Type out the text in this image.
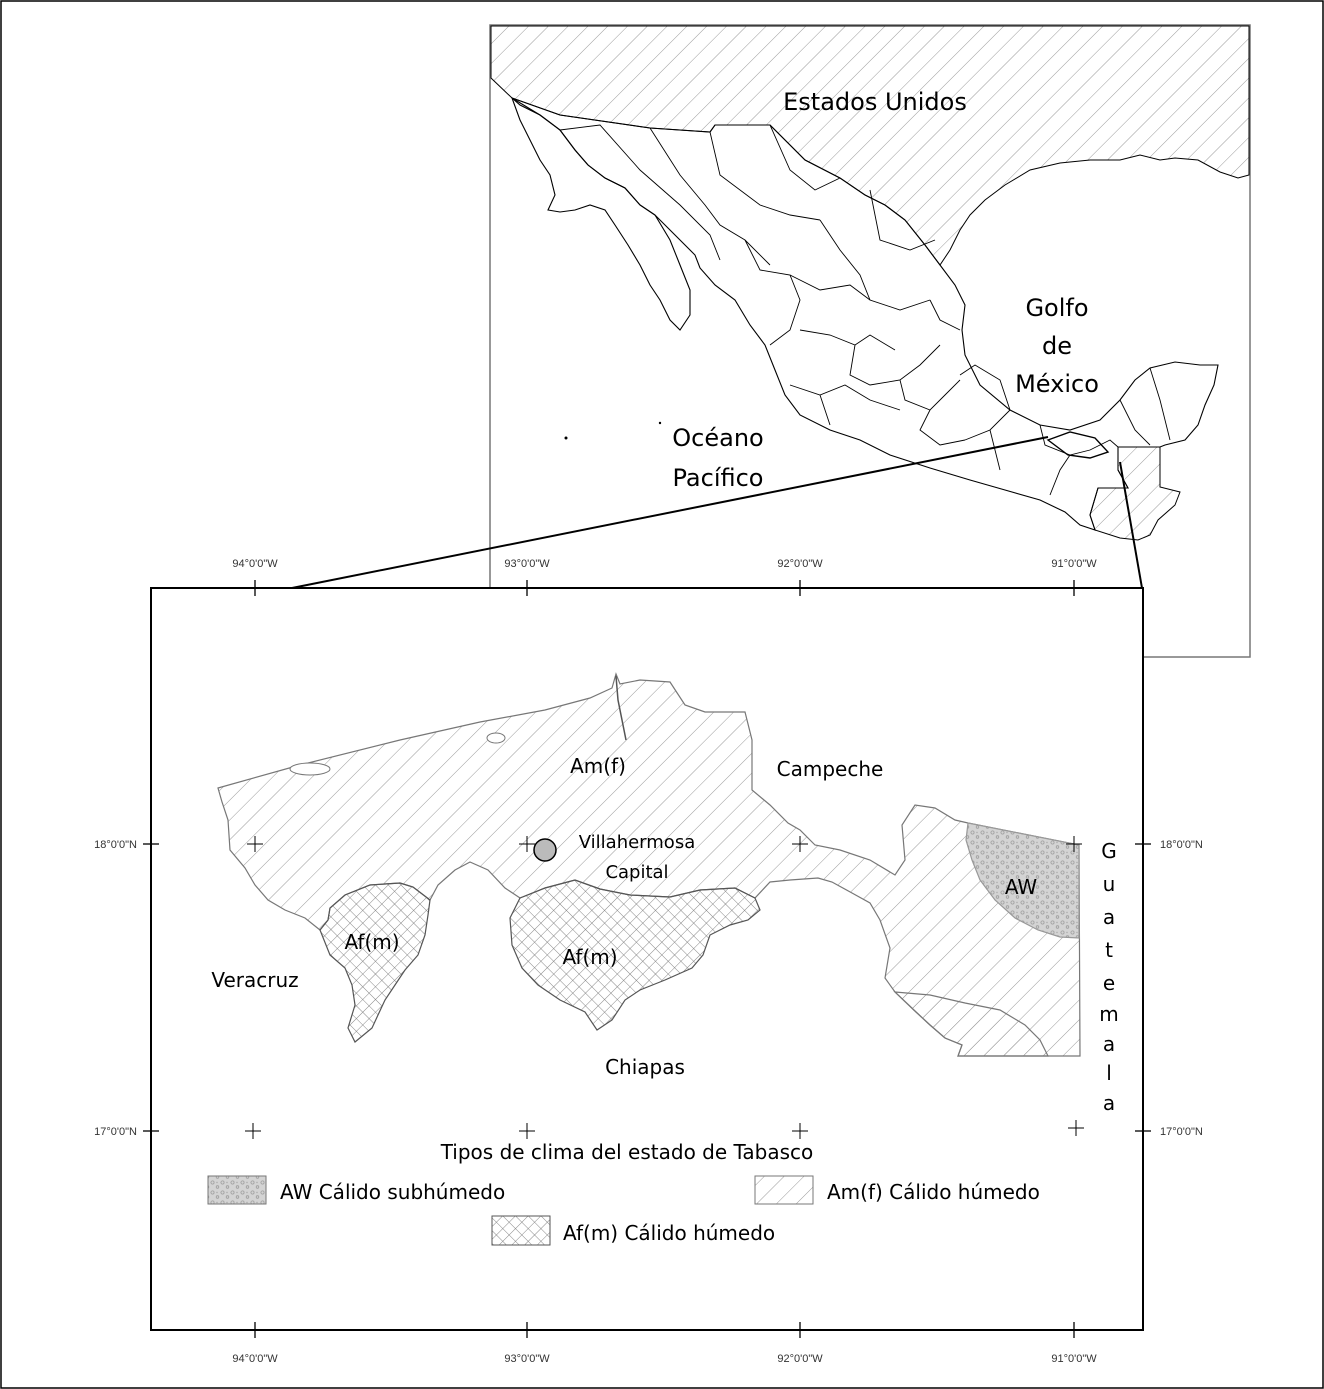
Estados Unidos
Golfo
de
México
Océano
Pacífico
94°0'0"W	93°0'0"W	92°0'0"W	91°0'0"W
94°0'0"W	93°0'0"W	92°0'0"W	91°0'0"W
18°0'0"N
17°0'0"N
18°0'0"N
17°0'0"N
Am(f)
Af(m)
Af(m)
AW
Campeche
Veracruz
Chiapas
G
u
a
t
e
m
a
l
a
Villahermosa
Capital
Tipos de clima del estado de Tabasco
AW Cálido subhúmedo	Am(f) Cálido húmedo
Af(m) Cálido húmedo
